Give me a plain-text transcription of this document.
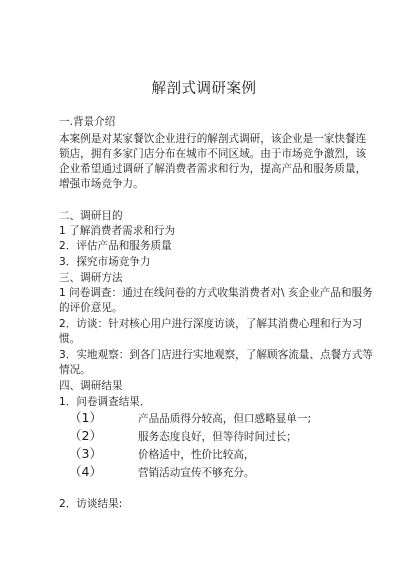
解剖式调研案例
一.背景介绍
本案例是对某家餐饮企业进行的解剖式调研，该企业是一家快餐连
锁店，拥有多家门店分布在城市不同区域。由于市场竞争激烈，该
企业希望通过调研了解消费者需求和行为，提高产品和服务质量，
增强市场竞争力。
二、调研目的
1 了解消费者需求和行为
2．评估产品和服务质量
3．探究市场竞争力
三、调研方法
1 问卷调查：通过在线问卷的方式收集消费者对\ 亥企业产品和服务
的评价意见。
2．访谈：针对核心用户进行深度访谈，了解其消费心理和行为习
惯。
3．实地观察：到各门店进行实地观察，了解顾客流量、点餐方式等
情况。
四、调研结果
1．问卷调查结果．
（1）	产品品质得分较高，但口感略显单一;
（2）	服务态度良好，但等待时间过长；
（3）	价格适中，性价比较高，
（4）	营销活动宣传不够充分。
2．访谈结果:
